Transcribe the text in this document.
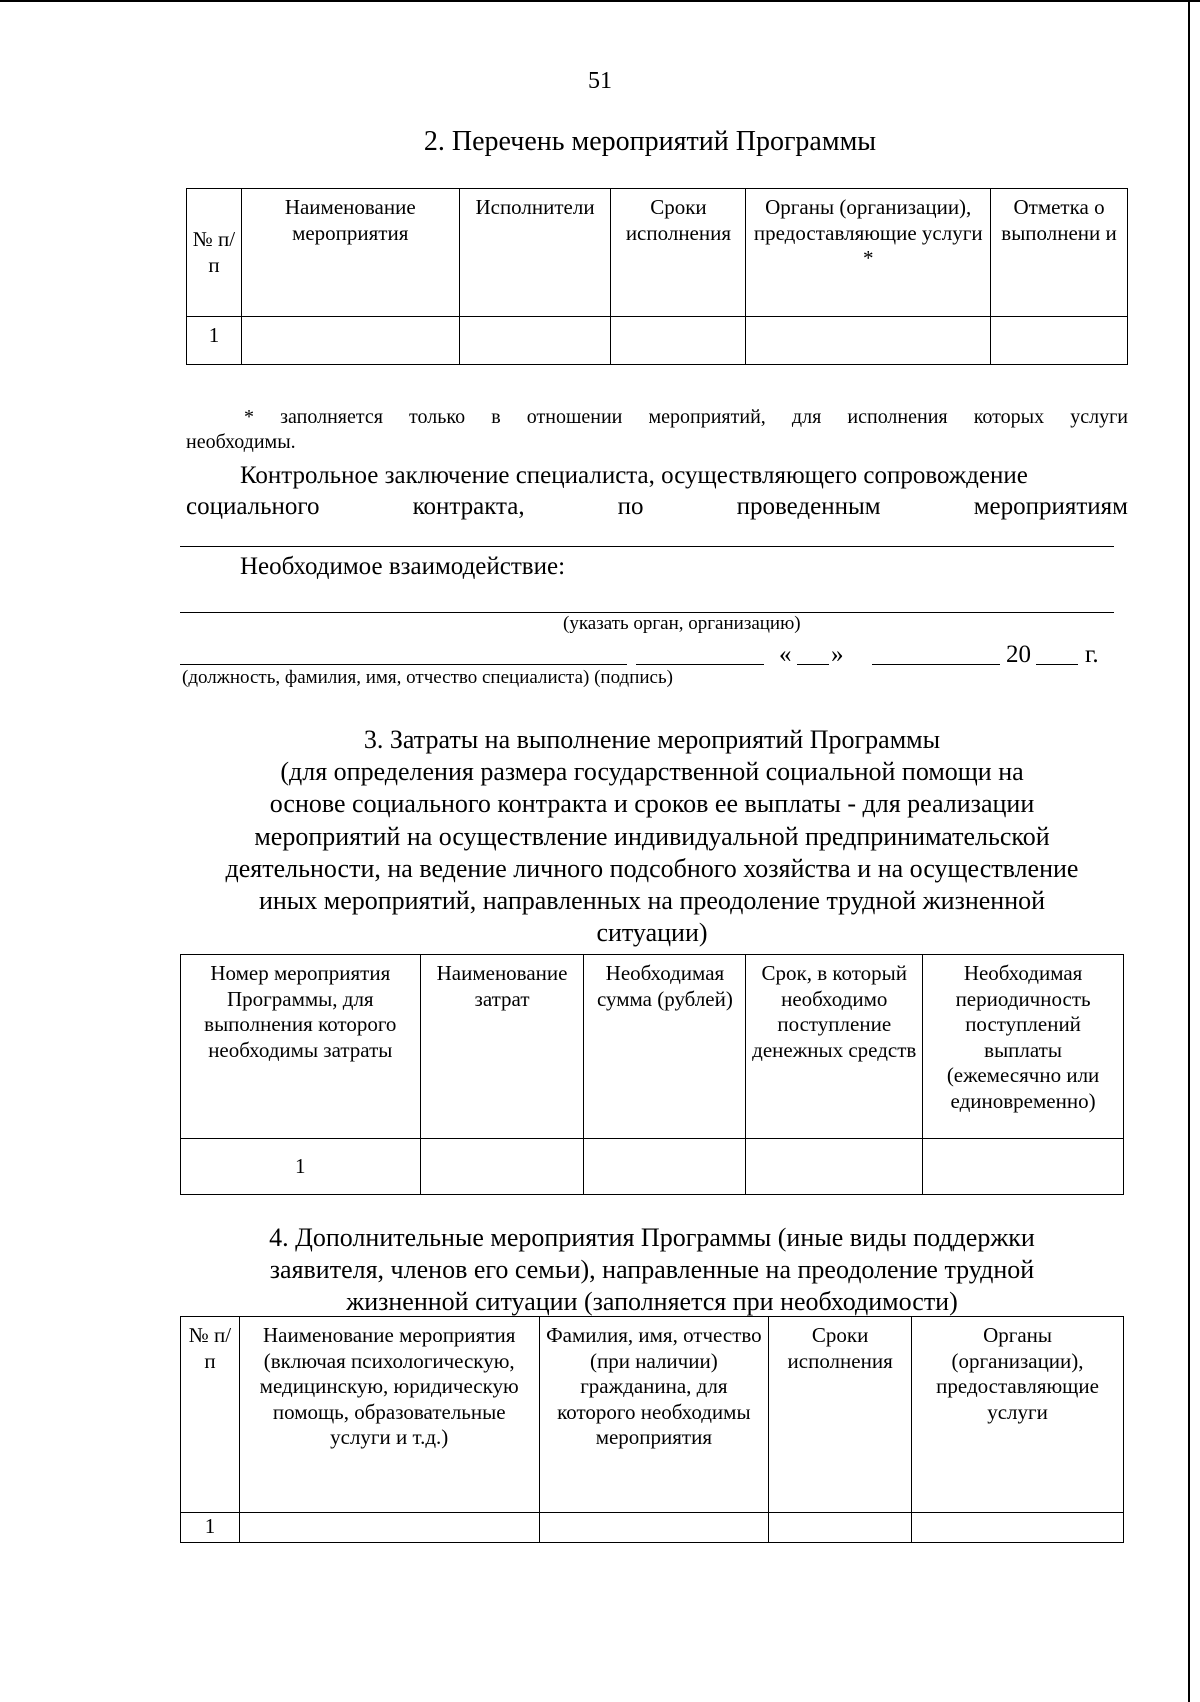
51
2. Перечень мероприятий Программы
№ п/п	Наименование мероприятия	Исполнители	Сроки исполнения	Органы (организации), предоставляющие услуги *	Отметка о выполнени и
1					
* заполняется только в отношении мероприятий, для исполнения которых услуги
необходимы.
Контрольное заключение специалиста, осуществляющего сопровождение
социального контракта, по проведенным мероприятиям
Необходимое взаимодействие:
(указать орган, организацию)
« »	20 г.
(должность, фамилия, имя, отчество специалиста) (подпись)
3. Затраты на выполнение мероприятий Программы
(для определения размера государственной социальной помощи на
основе социального контракта и сроков ее выплаты - для реализации
мероприятий на осуществление индивидуальной предпринимательской
деятельности, на ведение личного подсобного хозяйства и на осуществление
иных мероприятий, направленных на преодоление трудной жизненной
ситуации)
Номер мероприятия Программы, для выполнения которого необходимы затраты	Наименование затрат	Необходимая сумма (рублей)	Срок, в который необходимо поступление денежных средств	Необходимая периодичность поступлений выплаты (ежемесячно или единовременно)
1				
4. Дополнительные мероприятия Программы (иные виды поддержки
заявителя, членов его семьи), направленные на преодоление трудной
жизненной ситуации (заполняется при необходимости)
№ п/п	Наименование мероприятия (включая психологическую, медицинскую, юридическую помощь, образовательные услуги и т.д.)	Фамилия, имя, отчество (при наличии) гражданина, для которого необходимы мероприятия	Сроки исполнения	Органы (организации), предоставляющие услуги
1				
